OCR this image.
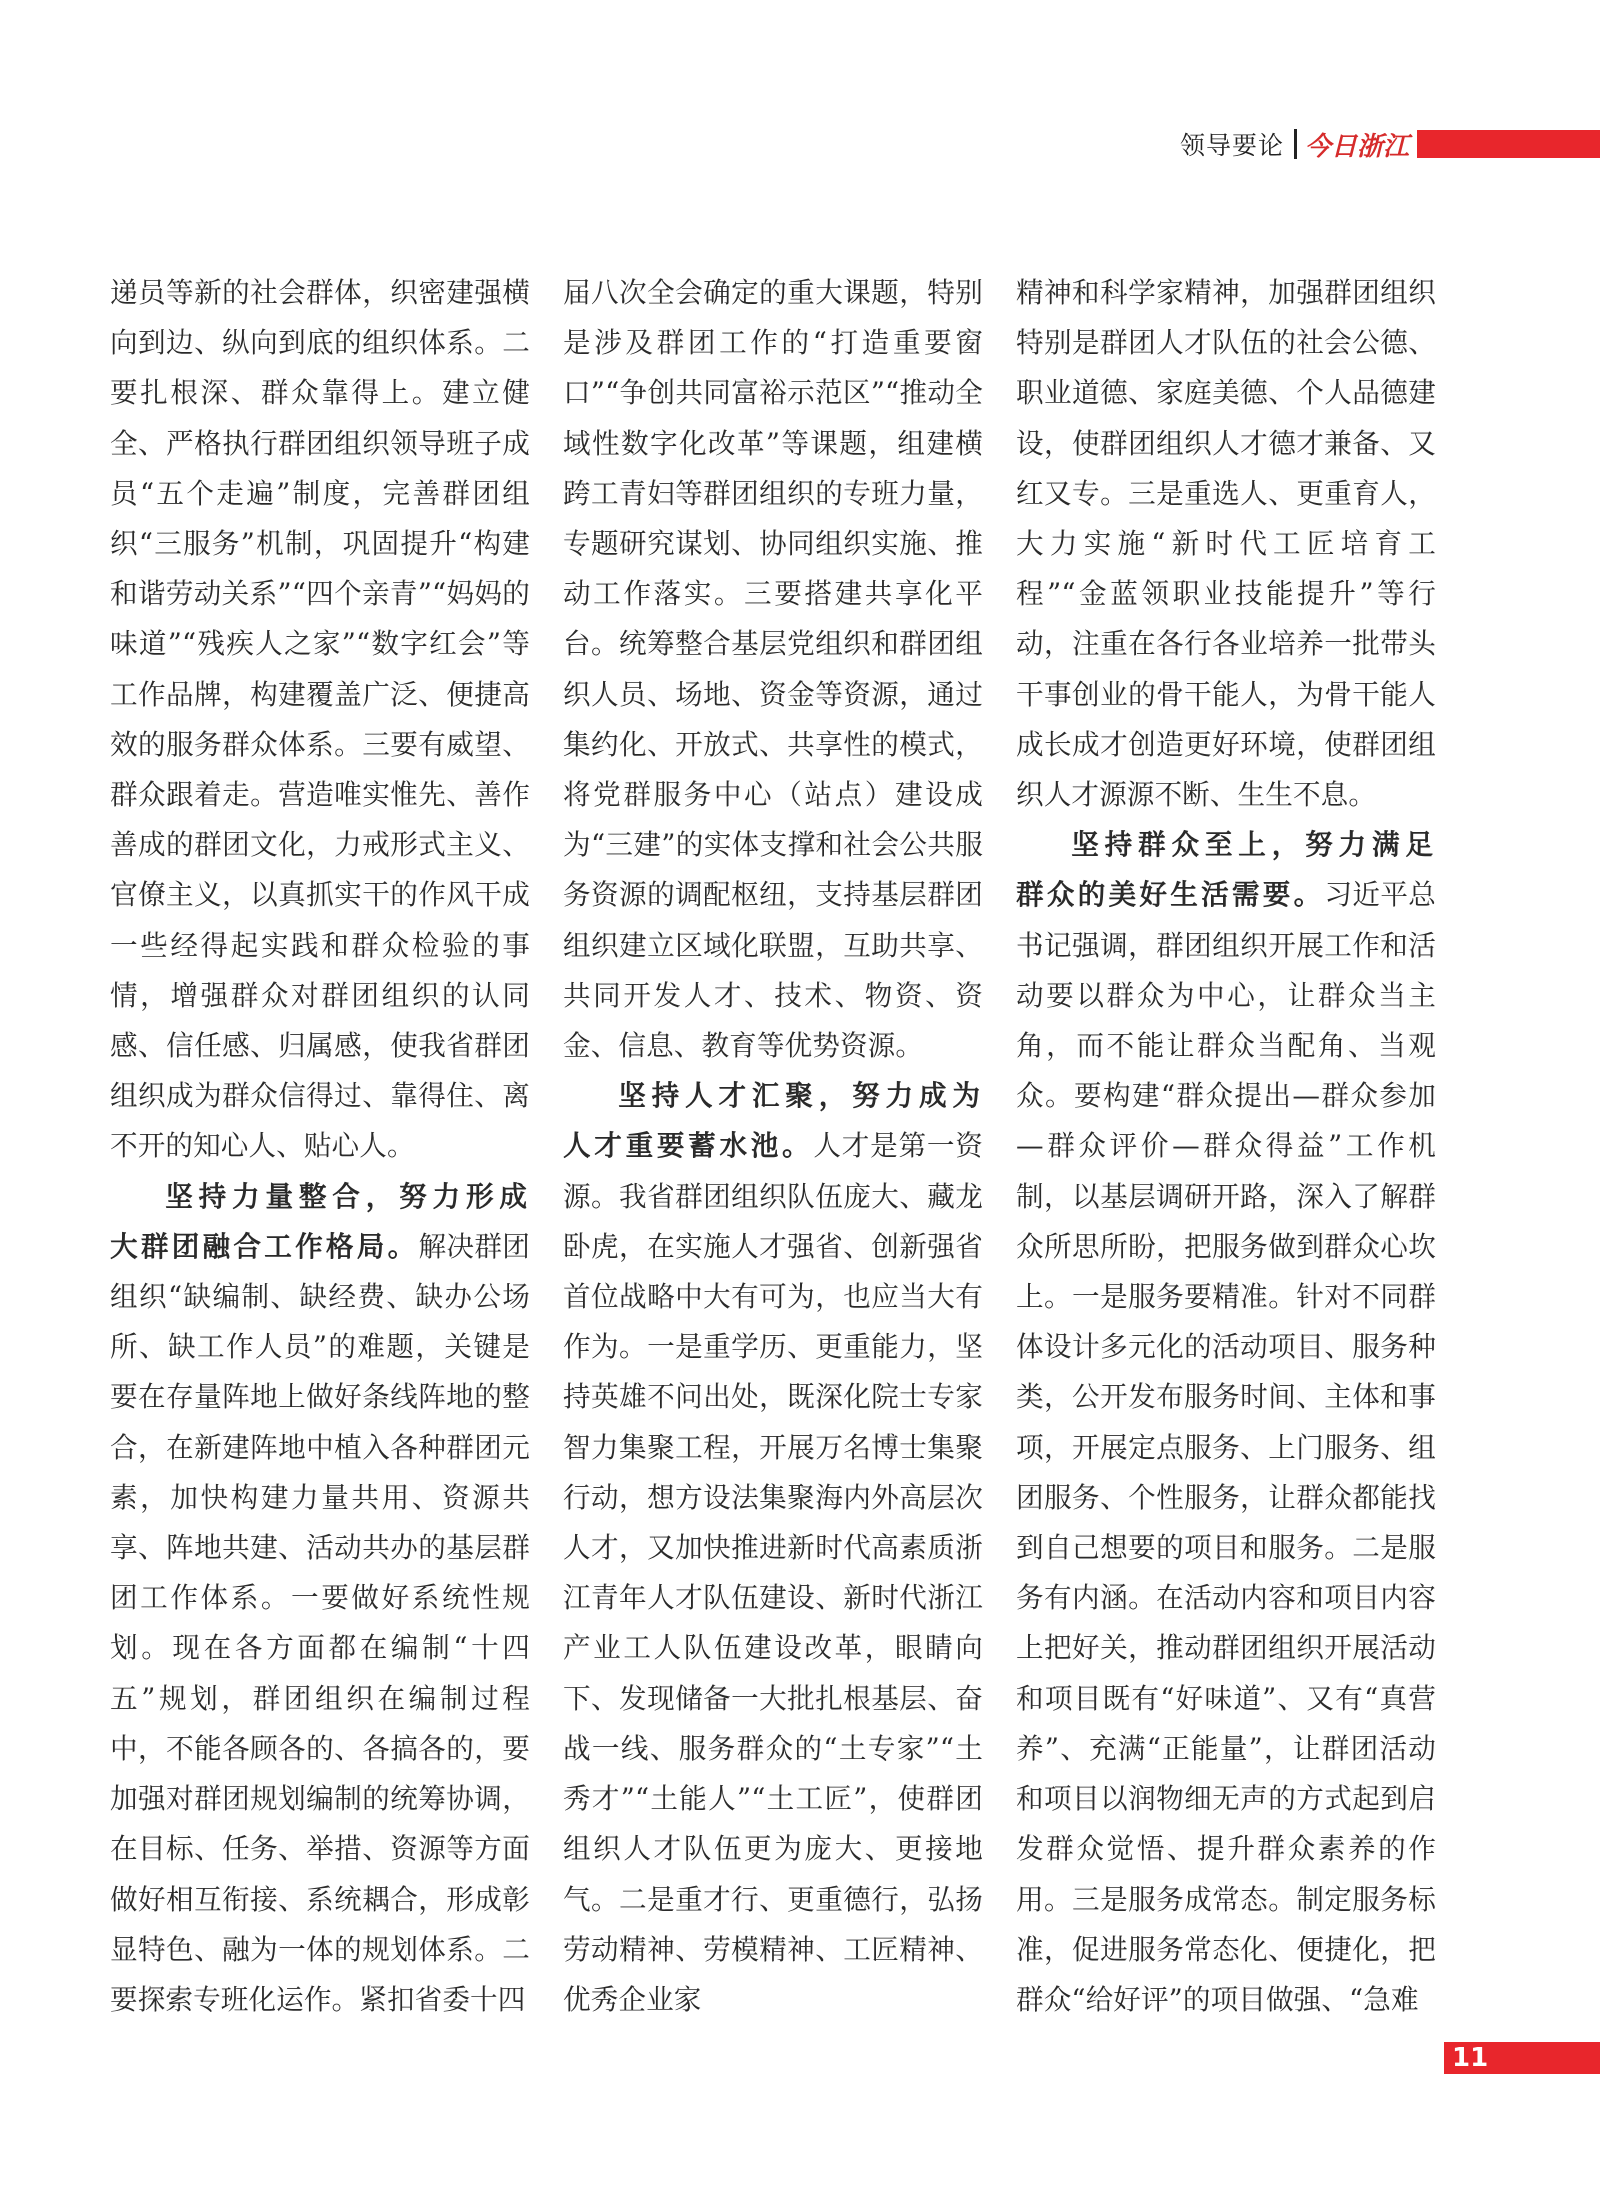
领导要论 今日浙江

递员等新的社会群体，织密建强横向到边、纵向到底的组织体系。二要扎根深、群众靠得上。建立健全、严格执行群团组织领导班子成员“五个走遍”制度，完善群团组织“三服务”机制，巩固提升“构建和谐劳动关系”“四个亲青”“妈妈的味道”“残疾人之家”“数字红会”等工作品牌，构建覆盖广泛、便捷高效的服务群众体系。三要有威望、群众跟着走。营造唯实惟先、善作善成的群团文化，力戒形式主义、官僚主义，以真抓实干的作风干成一些经得起实践和群众检验的事情，增强群众对群团组织的认同感、信任感、归属感，使我省群团组织成为群众信得过、靠得住、离不开的知心人、贴心人。

坚持力量整合，努力形成大群团融合工作格局。解决群团组织“缺编制、缺经费、缺办公场所、缺工作人员”的难题，关键是要在存量阵地上做好条线阵地的整合，在新建阵地中植入各种群团元素，加快构建力量共用、资源共享、阵地共建、活动共办的基层群团工作体系。一要做好系统性规划。现在各方面都在编制“十四五”规划，群团组织在编制过程中，不能各顾各的、各搞各的，要加强对群团规划编制的统筹协调，在目标、任务、举措、资源等方面做好相互衔接、系统耦合，形成彰显特色、融为一体的规划体系。二要探索专班化运作。紧扣省委十四

届八次全会确定的重大课题，特别是涉及群团工作的“打造重要窗口”“争创共同富裕示范区”“推动全域性数字化改革”等课题，组建横跨工青妇等群团组织的专班力量，专题研究谋划、协同组织实施、推动工作落实。三要搭建共享化平台。统筹整合基层党组织和群团组织人员、场地、资金等资源，通过集约化、开放式、共享性的模式，将党群服务中心（站点）建设成为“三建”的实体支撑和社会公共服务资源的调配枢纽，支持基层群团组织建立区域化联盟，互助共享、共同开发人才、技术、物资、资金、信息、教育等优势资源。

坚持人才汇聚，努力成为人才重要蓄水池。人才是第一资源。我省群团组织队伍庞大、藏龙卧虎，在实施人才强省、创新强省首位战略中大有可为，也应当大有作为。一是重学历、更重能力，坚持英雄不问出处，既深化院士专家智力集聚工程，开展万名博士集聚行动，想方设法集聚海内外高层次人才，又加快推进新时代高素质浙江青年人才队伍建设、新时代浙江产业工人队伍建设改革，眼睛向下、发现储备一大批扎根基层、奋战一线、服务群众的“土专家”“土秀才”“土能人”“土工匠”，使群团组织人才队伍更为庞大、更接地气。二是重才行、更重德行，弘扬劳动精神、劳模精神、工匠精神、优秀企业家

精神和科学家精神，加强群团组织特别是群团人才队伍的社会公德、职业道德、家庭美德、个人品德建设，使群团组织人才德才兼备、又红又专。三是重选人、更重育人，大力实施“新时代工匠培育工程”“金蓝领职业技能提升”等行动，注重在各行各业培养一批带头干事创业的骨干能人，为骨干能人成长成才创造更好环境，使群团组织人才源源不断、生生不息。

坚持群众至上，努力满足群众的美好生活需要。习近平总书记强调，群团组织开展工作和活动要以群众为中心，让群众当主角，而不能让群众当配角、当观众。要构建“群众提出—群众参加—群众评价—群众得益”工作机制，以基层调研开路，深入了解群众所思所盼，把服务做到群众心坎上。一是服务要精准。针对不同群体设计多元化的活动项目、服务种类，公开发布服务时间、主体和事项，开展定点服务、上门服务、组团服务、个性服务，让群众都能找到自己想要的项目和服务。二是服务有内涵。在活动内容和项目内容上把好关，推动群团组织开展活动和项目既有“好味道”、又有“真营养”、充满“正能量”，让群团活动和项目以润物细无声的方式起到启发群众觉悟、提升群众素养的作用。三是服务成常态。制定服务标准，促进服务常态化、便捷化，把群众“给好评”的项目做强、“急难

11
